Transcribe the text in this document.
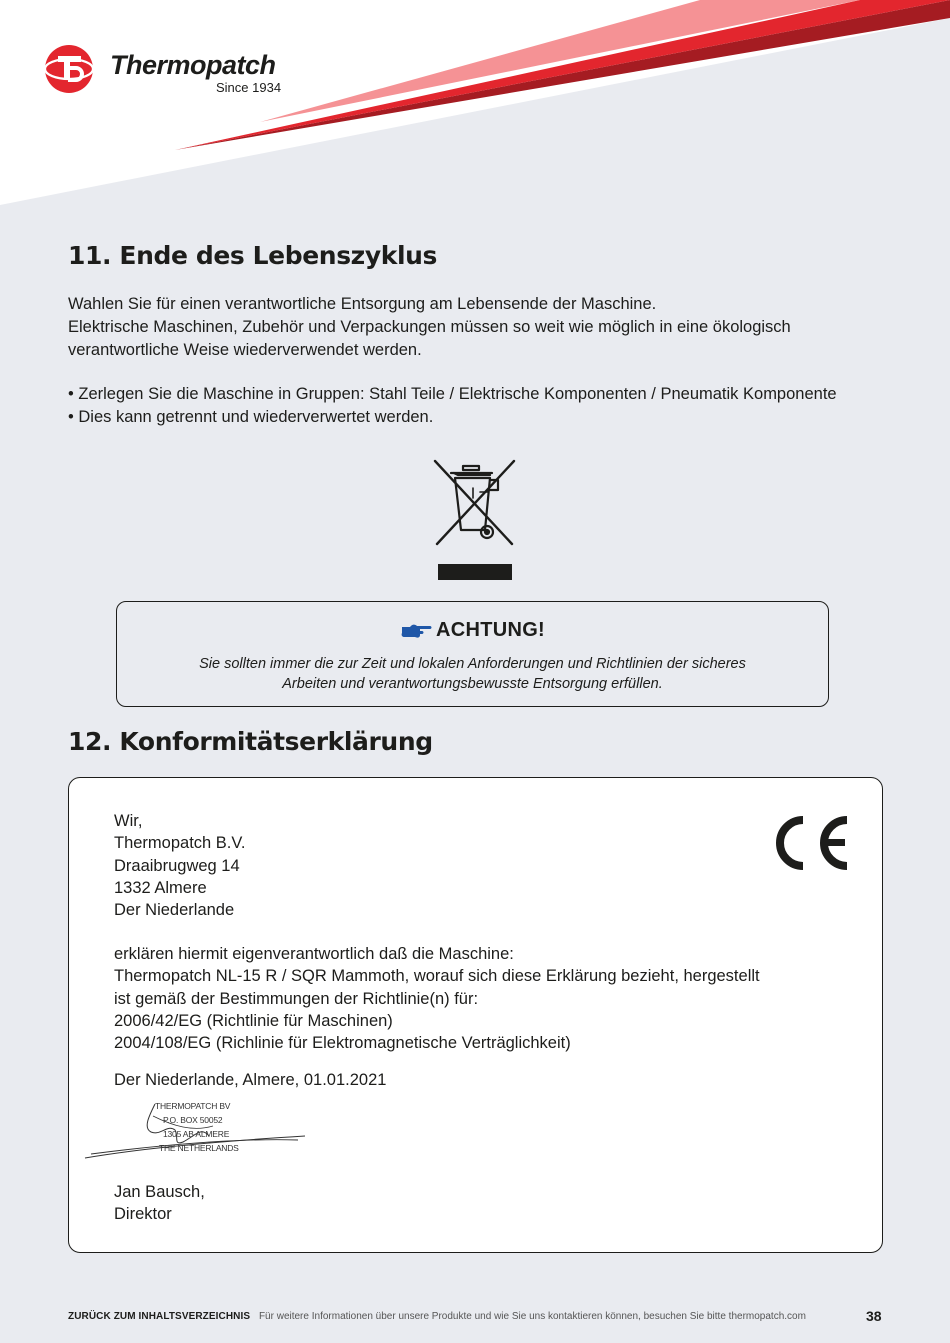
Thermopatch
Since 1934
11. Ende des Lebenszyklus
Wahlen Sie für einen verantwortliche Entsorgung am Lebensende der Maschine.
Elektrische Maschinen, Zubehör und Verpackungen müssen so weit wie möglich in eine ökologisch
verantwortliche Weise wiederverwendet werden.
• Zerlegen Sie die Maschine in Gruppen: Stahl Teile / Elektrische Komponenten / Pneumatik Komponente
• Dies kann getrennt und wiederverwertet werden.
ACHTUNG!
Sie sollten immer die zur Zeit und lokalen Anforderungen und Richtlinien der sicheres
Arbeiten und verantwortungsbewusste Entsorgung erfüllen.
12. Konformitätserklärung
Wir,
Thermopatch B.V.
Draaibrugweg 14
1332 Almere
Der Niederlande
erklären hiermit eigenverantwortlich daß die Maschine:
Thermopatch NL-15 R / SQR Mammoth, worauf sich diese Erklärung bezieht, hergestellt
ist gemäß der Bestimmungen der Richtlinie(n) für:
2006/42/EG (Richtlinie für Maschinen)
2004/108/EG (Richlinie für Elektromagnetische Verträglichkeit)
Der Niederlande, Almere, 01.01.2021
THERMOPATCH BV
P.O. BOX 50052
1305 AB ALMERE
THE NETHERLANDS
Jan Bausch,
Direktor
ZURÜCK ZUM INHALTSVERZEICHNIS Für weitere Informationen über unsere Produkte und wie Sie uns kontaktieren können, besuchen Sie bitte thermopatch.com	38
